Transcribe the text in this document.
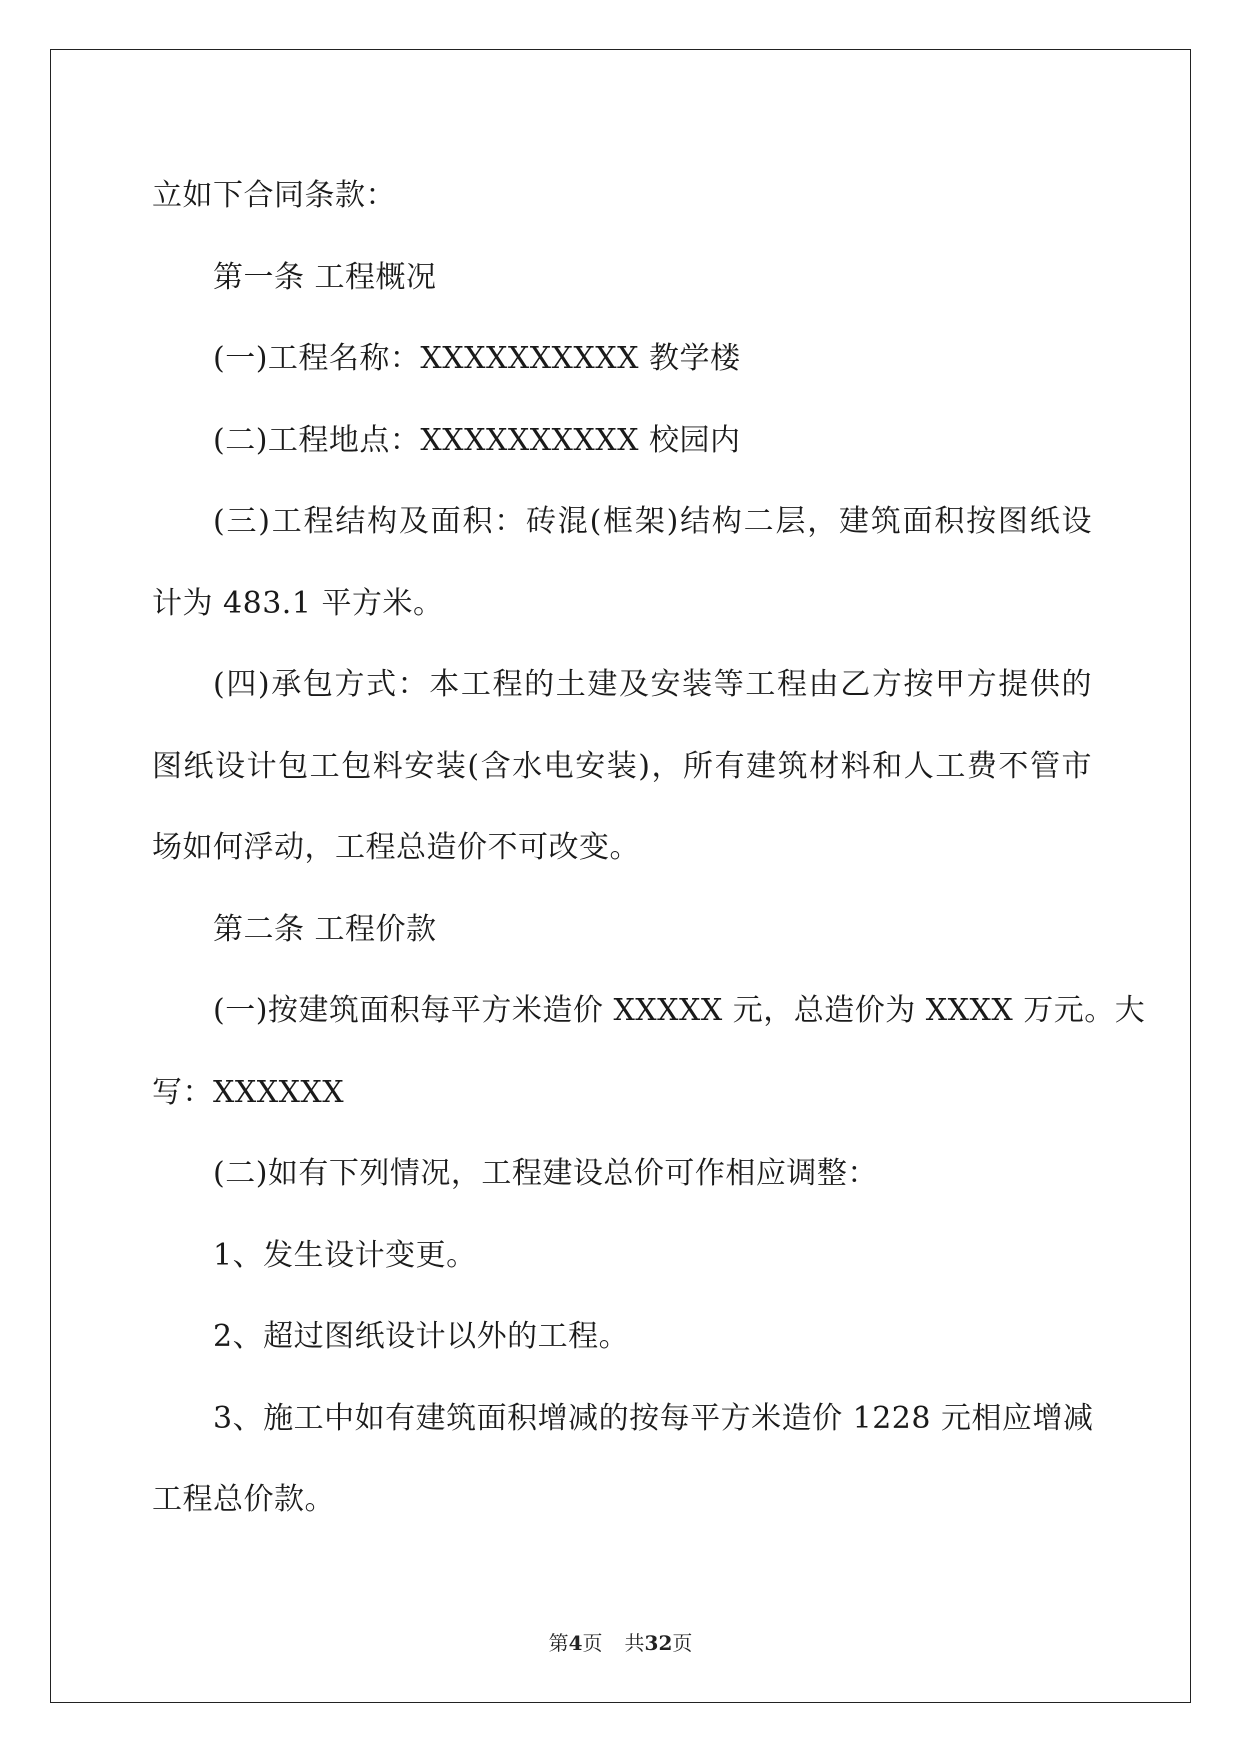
立如下合同条款：
第一条 工程概况
(一)工程名称：XXXXXXXXXX 教学楼
(二)工程地点：XXXXXXXXXX 校园内
(三)工程结构及面积：砖混(框架)结构二层，建筑面积按图纸设
计为 483.1 平方米。
(四)承包方式：本工程的土建及安装等工程由乙方按甲方提供的
图纸设计包工包料安装(含水电安装)，所有建筑材料和人工费不管市
场如何浮动，工程总造价不可改变。
第二条 工程价款
(一)按建筑面积每平方米造价 XXXXX 元，总造价为 XXXX 万元。大
写：XXXXXX
(二)如有下列情况，工程建设总价可作相应调整：
1、发生设计变更。
2、超过图纸设计以外的工程。
3、施工中如有建筑面积增减的按每平方米造价 1228 元相应增减
工程总价款。
第4页 共32页
